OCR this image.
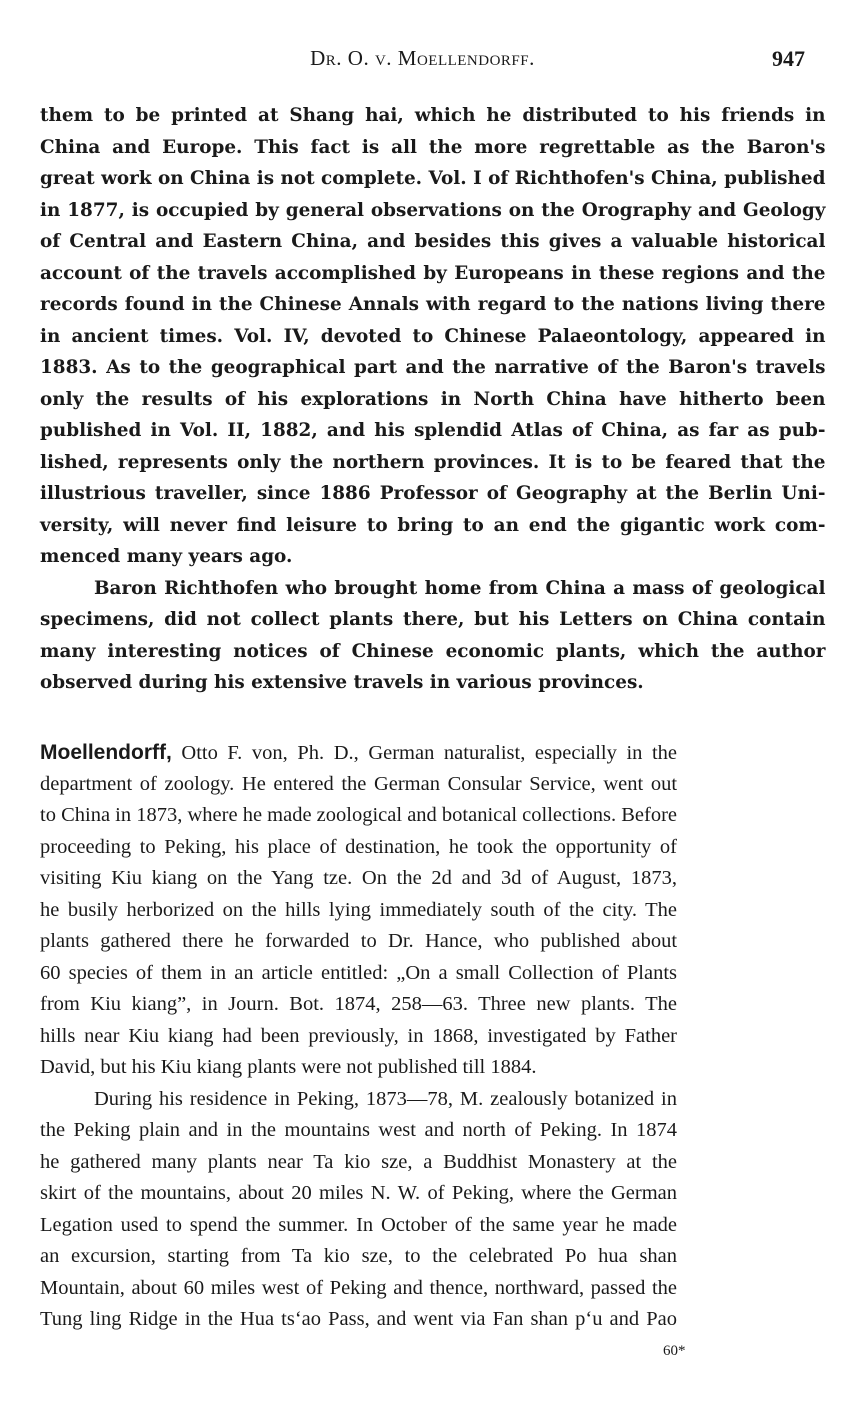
Dr. O. v. Moellendorff.	947
them to be printed at Shang hai, which he distributed to his friends in
China and Europe. This fact is all the more regrettable as the Baron's
great work on China is not complete. Vol. I of Richthofen's China, published
in 1877, is occupied by general observations on the Orography and Geology
of Central and Eastern China, and besides this gives a valuable historical
account of the travels accomplished by Europeans in these regions and the
records found in the Chinese Annals with regard to the nations living there
in ancient times. Vol. IV, devoted to Chinese Palaeontology, appeared in
1883. As to the geographical part and the narrative of the Baron's travels
only the results of his explorations in North China have hitherto been
published in Vol. II, 1882, and his splendid Atlas of China, as far as pub-
lished, represents only the northern provinces. It is to be feared that the
illustrious traveller, since 1886 Professor of Geography at the Berlin Uni-
versity, will never find leisure to bring to an end the gigantic work com-
menced many years ago.
Baron Richthofen who brought home from China a mass of geological
specimens, did not collect plants there, but his Letters on China contain
many interesting notices of Chinese economic plants, which the author
observed during his extensive travels in various provinces.
Moellendorff, Otto F. von, Ph. D., German naturalist, especially in the
department of zoology. He entered the German Consular Service, went out
to China in 1873, where he made zoological and botanical collections. Before
proceeding to Peking, his place of destination, he took the opportunity of
visiting Kiu kiang on the Yang tze. On the 2d and 3d of August, 1873,
he busily herborized on the hills lying immediately south of the city. The
plants gathered there he forwarded to Dr. Hance, who published about
60 species of them in an article entitled: „On a small Collection of Plants
from Kiu kiang”, in Journ. Bot. 1874, 258—63. Three new plants. The
hills near Kiu kiang had been previously, in 1868, investigated by Father
David, but his Kiu kiang plants were not published till 1884.
During his residence in Peking, 1873—78, M. zealously botanized in
the Peking plain and in the mountains west and north of Peking. In 1874
he gathered many plants near Ta kio sze, a Buddhist Monastery at the
skirt of the mountains, about 20 miles N. W. of Peking, where the German
Legation used to spend the summer. In October of the same year he made
an excursion, starting from Ta kio sze, to the celebrated Po hua shan
Mountain, about 60 miles west of Peking and thence, northward, passed the
Tung ling Ridge in the Hua ts‘ao Pass, and went via Fan shan p‘u and Pao
60*
